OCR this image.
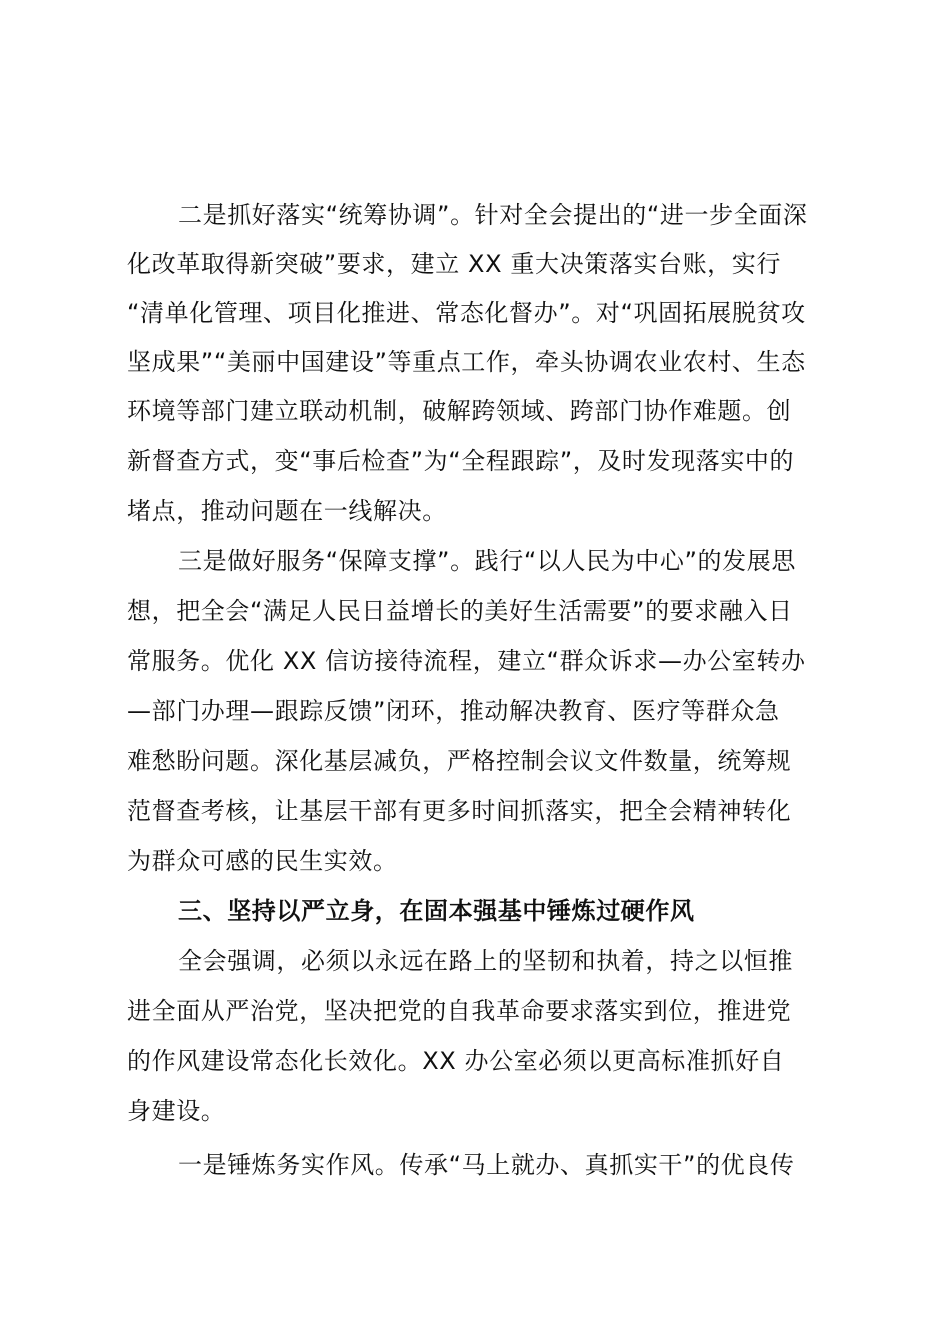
二是抓好落实“统筹协调”。针对全会提出的“进一步全面深
化改革取得新突破”要求，建立 XX 重大决策落实台账，实行
“清单化管理、项目化推进、常态化督办”。对“巩固拓展脱贫攻
坚成果”“美丽中国建设”等重点工作，牵头协调农业农村、生态
环境等部门建立联动机制，破解跨领域、跨部门协作难题。创
新督查方式，变“事后检查”为“全程跟踪”，及时发现落实中的
堵点，推动问题在一线解决。
三是做好服务“保障支撑”。践行“以人民为中心”的发展思
想，把全会“满足人民日益增长的美好生活需要”的要求融入日
常服务。优化 XX 信访接待流程，建立“群众诉求—办公室转办
—部门办理—跟踪反馈”闭环，推动解决教育、医疗等群众急
难愁盼问题。深化基层减负，严格控制会议文件数量，统筹规
范督查考核，让基层干部有更多时间抓落实，把全会精神转化
为群众可感的民生实效。
三、坚持以严立身，在固本强基中锤炼过硬作风
全会强调，必须以永远在路上的坚韧和执着，持之以恒推
进全面从严治党，坚决把党的自我革命要求落实到位，推进党
的作风建设常态化长效化。XX 办公室必须以更高标准抓好自
身建设。
一是锤炼务实作风。传承“马上就办、真抓实干”的优良传
